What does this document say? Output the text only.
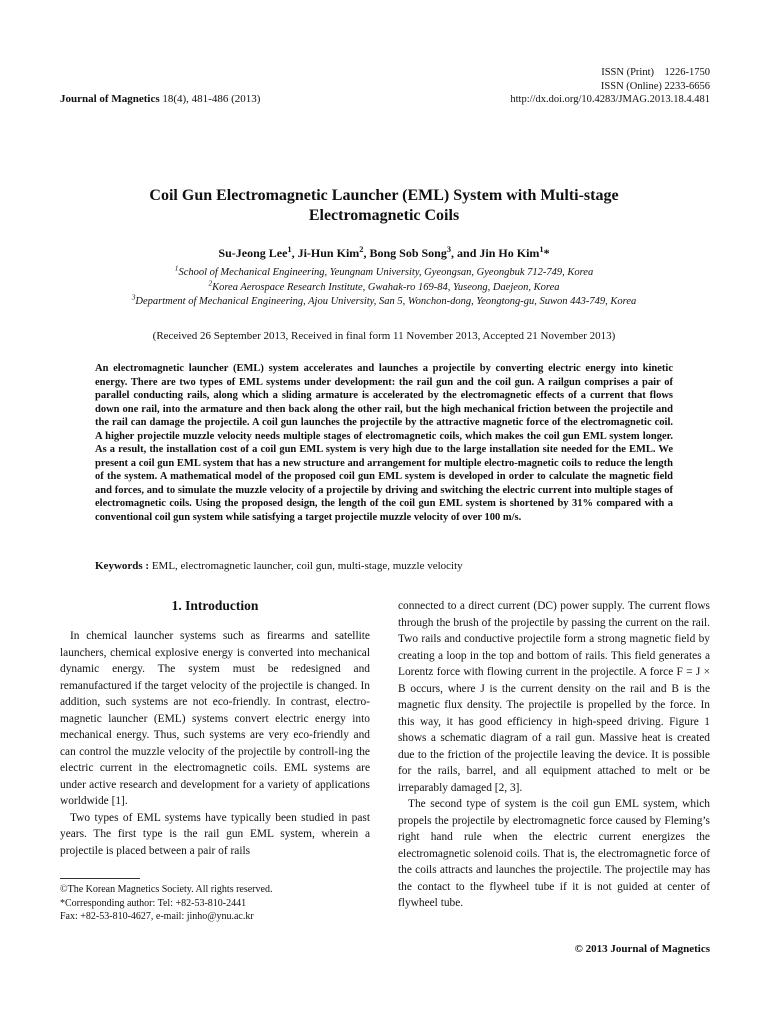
Journal of Magnetics 18(4), 481-486 (2013)
ISSN (Print)    1226-1750
ISSN (Online) 2233-6656
http://dx.doi.org/10.4283/JMAG.2013.18.4.481
Coil Gun Electromagnetic Launcher (EML) System with Multi-stage
Electromagnetic Coils
Su-Jeong Lee$^1$, Ji-Hun Kim$^2$, Bong Sob Song$^3$, and Jin Ho Kim$^1$*
$^1$School of Mechanical Engineering, Yeungnam University, Gyeongsan, Gyeongbuk 712-749, Korea
$^2$Korea Aerospace Research Institute, Gwahak-ro 169-84, Yuseong, Daejeon, Korea
$^3$Department of Mechanical Engineering, Ajou University, San 5, Wonchon-dong, Yeongtong-gu, Suwon 443-749, Korea
(Received 26 September 2013, Received in final form 11 November 2013, Accepted 21 November 2013)
An electromagnetic launcher (EML) system accelerates and launches a projectile by converting electric energy into kinetic energy. There are two types of EML systems under development: the rail gun and the coil gun. A railgun comprises a pair of parallel conducting rails, along which a sliding armature is accelerated by the electromagnetic effects of a current that flows down one rail, into the armature and then back along the other rail, but the high mechanical friction between the projectile and the rail can damage the projectile. A coil gun launches the projectile by the attractive magnetic force of the electromagnetic coil. A higher projectile muzzle velocity needs multiple stages of electromagnetic coils, which makes the coil gun EML system longer. As a result, the installation cost of a coil gun EML system is very high due to the large installation site needed for the EML. We present a coil gun EML system that has a new structure and arrangement for multiple electro-magnetic coils to reduce the length of the system. A mathematical model of the proposed coil gun EML system is developed in order to calculate the magnetic field and forces, and to simulate the muzzle velocity of a projectile by driving and switching the electric current into multiple stages of electromagnetic coils. Using the proposed design, the length of the coil gun EML system is shortened by 31% compared with a conventional coil gun system while satisfying a target projectile muzzle velocity of over 100 m/s.
Keywords : EML, electromagnetic launcher, coil gun, multi-stage, muzzle velocity
1. Introduction

In chemical launcher systems such as firearms and satellite launchers, chemical explosive energy is converted into mechanical dynamic energy. The system must be redesigned and remanufactured if the target velocity of the projectile is changed. In addition, such systems are not eco-friendly. In contrast, electro-magnetic launcher (EML) systems convert electric energy into mechanical energy. Thus, such systems are very eco-friendly and can control the muzzle velocity of the projectile by controll-ing the electric current in the electromagnetic coils. EML systems are under active research and development for a variety of applications worldwide [1].

Two types of EML systems have typically been studied in past years. The first type is the rail gun EML system, wherein a projectile is placed between a pair of rails

connected to a direct current (DC) power supply. The current flows through the brush of the projectile by passing the current on the rail. Two rails and conductive projectile form a strong magnetic field by creating a loop in the top and bottom of rails. This field generates a Lorentz force with flowing current in the projectile. A force F = J × B occurs, where J is the current density on the rail and B is the magnetic flux density. The projectile is propelled by the force. In this way, it has good efficiency in high-speed driving. Figure 1 shows a schematic diagram of a rail gun. Massive heat is created due to the friction of the projectile leaving the device. It is possible for the rails, barrel, and all equipment attached to melt or be irreparably damaged [2, 3].

The second type of system is the coil gun EML system, which propels the projectile by electromagnetic force caused by Fleming’s right hand rule when the electric current energizes the electromagnetic solenoid coils. That is, the electromagnetic force of the coils attracts and launches the projectile. The projectile may has the contact to the flywheel tube if it is not guided at center of flywheel tube.

©The Korean Magnetics Society. All rights reserved.
*Corresponding author: Tel: +82-53-810-2441
Fax: +82-53-810-4627, e-mail: jinho@ynu.ac.kr
© 2013 Journal of Magnetics
